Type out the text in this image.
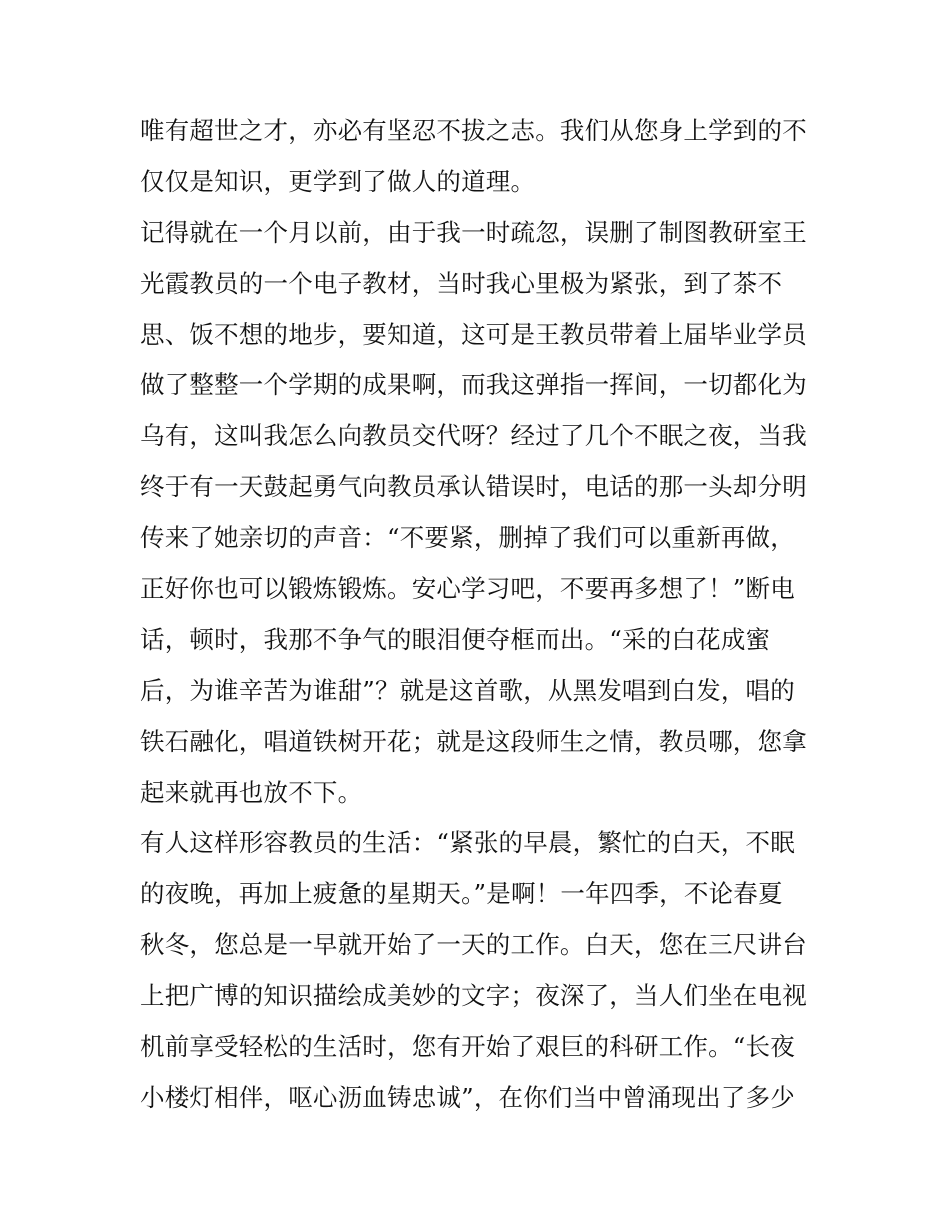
唯有超世之才，亦必有坚忍不拔之志。我们从您身上学到的不
仅仅是知识，更学到了做人的道理。
记得就在一个月以前，由于我一时疏忽，误删了制图教研室王
光霞教员的一个电子教材，当时我心里极为紧张，到了茶不
思、饭不想的地步，要知道，这可是王教员带着上届毕业学员
做了整整一个学期的成果啊，而我这弹指一挥间，一切都化为
乌有，这叫我怎么向教员交代呀？经过了几个不眠之夜，当我
终于有一天鼓起勇气向教员承认错误时，电话的那一头却分明
传来了她亲切的声音：“不要紧，删掉了我们可以重新再做，
正好你也可以锻炼锻炼。安心学习吧，不要再多想了！”断电
话，顿时，我那不争气的眼泪便夺框而出。“采的白花成蜜
后，为谁辛苦为谁甜”？就是这首歌，从黑发唱到白发，唱的
铁石融化，唱道铁树开花；就是这段师生之情，教员哪，您拿
起来就再也放不下。
有人这样形容教员的生活：“紧张的早晨，繁忙的白天，不眠
的夜晚，再加上疲惫的星期天。”是啊！一年四季，不论春夏
秋冬，您总是一早就开始了一天的工作。白天，您在三尺讲台
上把广博的知识描绘成美妙的文字；夜深了，当人们坐在电视
机前享受轻松的生活时，您有开始了艰巨的科研工作。“长夜
小楼灯相伴，呕心沥血铸忠诚”，在你们当中曾涌现出了多少
